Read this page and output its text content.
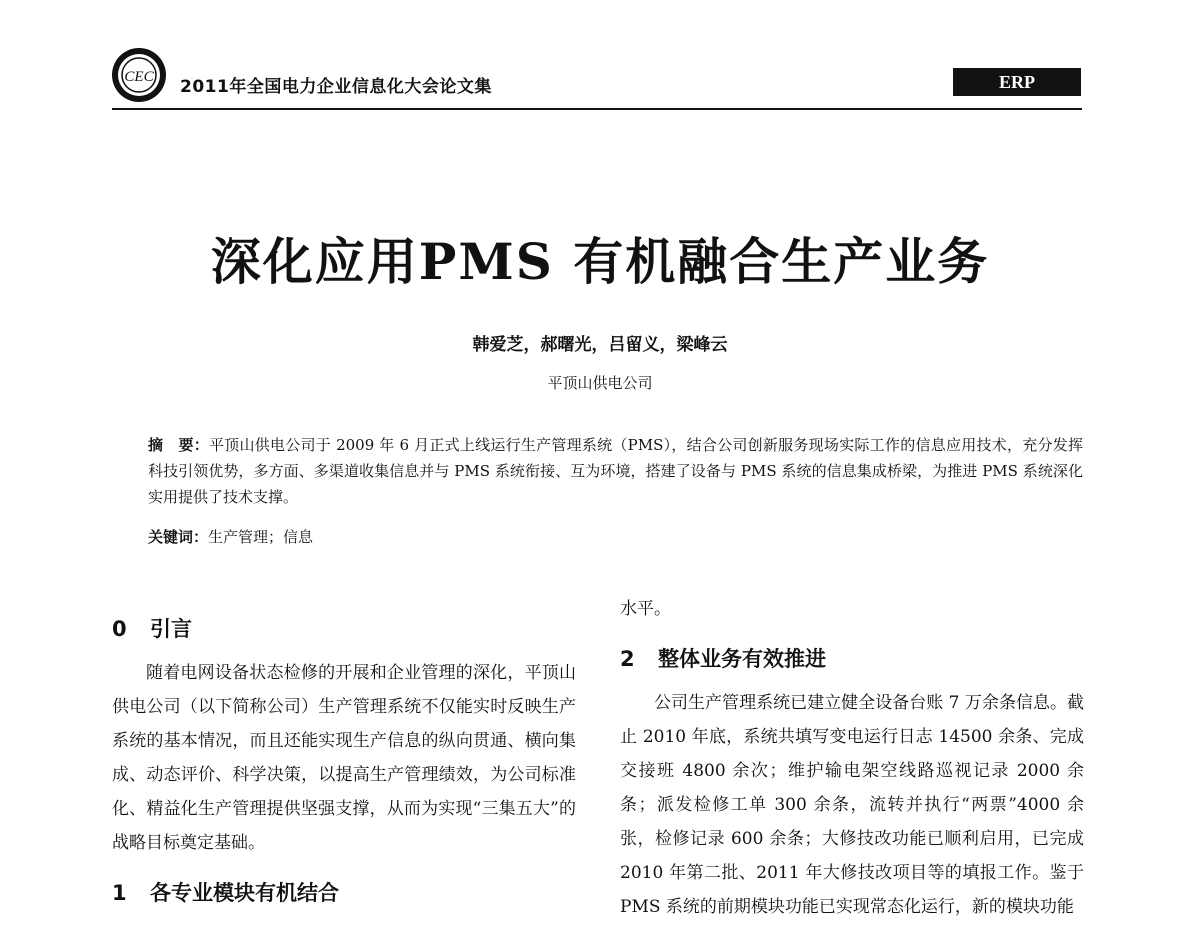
CEC 2011年全国电力企业信息化大会论文集	ERP
深化应用PMS 有机融合生产业务
韩爱芝，郝曙光，吕留义，梁峰云
平顶山供电公司
摘　要：平顶山供电公司于 2009 年 6 月正式上线运行生产管理系统（PMS），结合公司创新服务现场实际工作的信息应用技术，充分发挥科技引领优势，多方面、多渠道收集信息并与 PMS 系统衔接、互为环境，搭建了设备与 PMS 系统的信息集成桥梁，为推进 PMS 系统深化实用提供了技术支撑。
关键词：生产管理；信息
0 引言

随着电网设备状态检修的开展和企业管理的深化，平顶山供电公司（以下简称公司）生产管理系统不仅能实时反映生产系统的基本情况，而且还能实现生产信息的纵向贯通、横向集成、动态评价、科学决策，以提高生产管理绩效，为公司标准化、精益化生产管理提供坚强支撑，从而为实现“三集五大”的战略目标奠定基础。

1 各专业模块有机结合

水平。

2 整体业务有效推进

公司生产管理系统已建立健全设备台账 7 万余条信息。截止 2010 年底，系统共填写变电运行日志 14500 余条、完成交接班 4800 余次；维护输电架空线路巡视记录 2000 余条；派发检修工单 300 余条，流转并执行“两票”4000 余张，检修记录 600 余条；大修技改功能已顺利启用，已完成 2010 年第二批、2011 年大修技改项目等的填报工作。鉴于 PMS 系统的前期模块功能已实现常态化运行，新的模块功能
